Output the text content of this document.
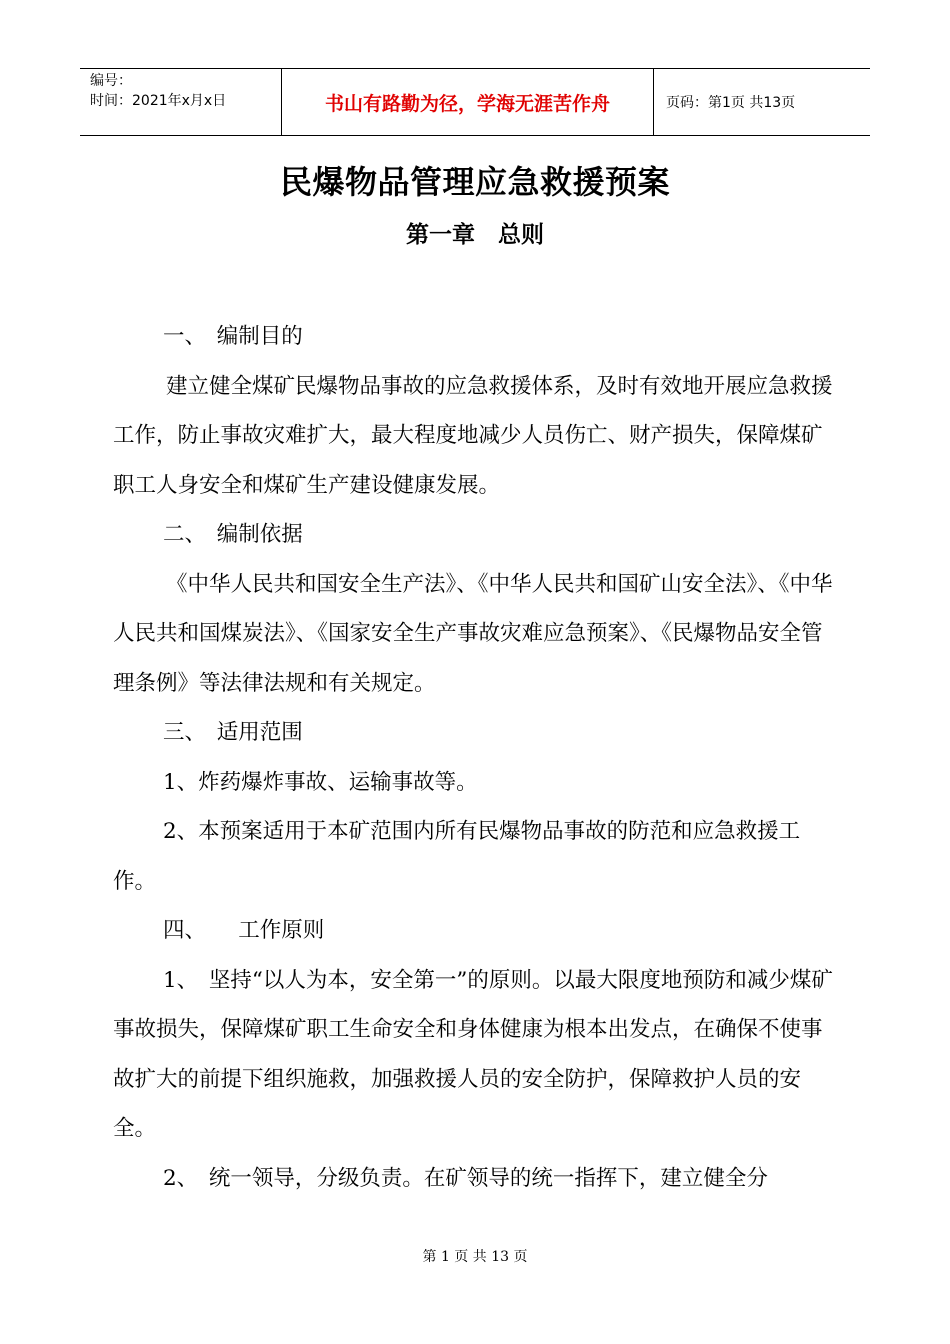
编号：
时间：2021年x月x日	书山有路勤为径，学海无涯苦作舟	页码：第1页 共13页
民爆物品管理应急救援预案
第一章　总则

一、　编制目的

建立健全煤矿民爆物品事故的应急救援体系，及时有效地开展应急救援工作，防止事故灾难扩大，最大程度地减少人员伤亡、财产损失，保障煤矿职工人身安全和煤矿生产建设健康发展。

二、　编制依据

《中华人民共和国安全生产法》、《中华人民共和国矿山安全法》、《中华人民共和国煤炭法》、《国家安全生产事故灾难应急预案》、《民爆物品安全管理条例》等法律法规和有关规定。

三、　适用范围

1、炸药爆炸事故、运输事故等。

2、本预案适用于本矿范围内所有民爆物品事故的防范和应急救援工作。

四、　　工作原则

1、　坚持“以人为本，安全第一”的原则。以最大限度地预防和减少煤矿事故损失，保障煤矿职工生命安全和身体健康为根本出发点，在确保不使事故扩大的前提下组织施救，加强救援人员的安全防护，保障救护人员的安全。

2、　统一领导，分级负责。在矿领导的统一指挥下，建立健全分

第 1 页 共 13 页
